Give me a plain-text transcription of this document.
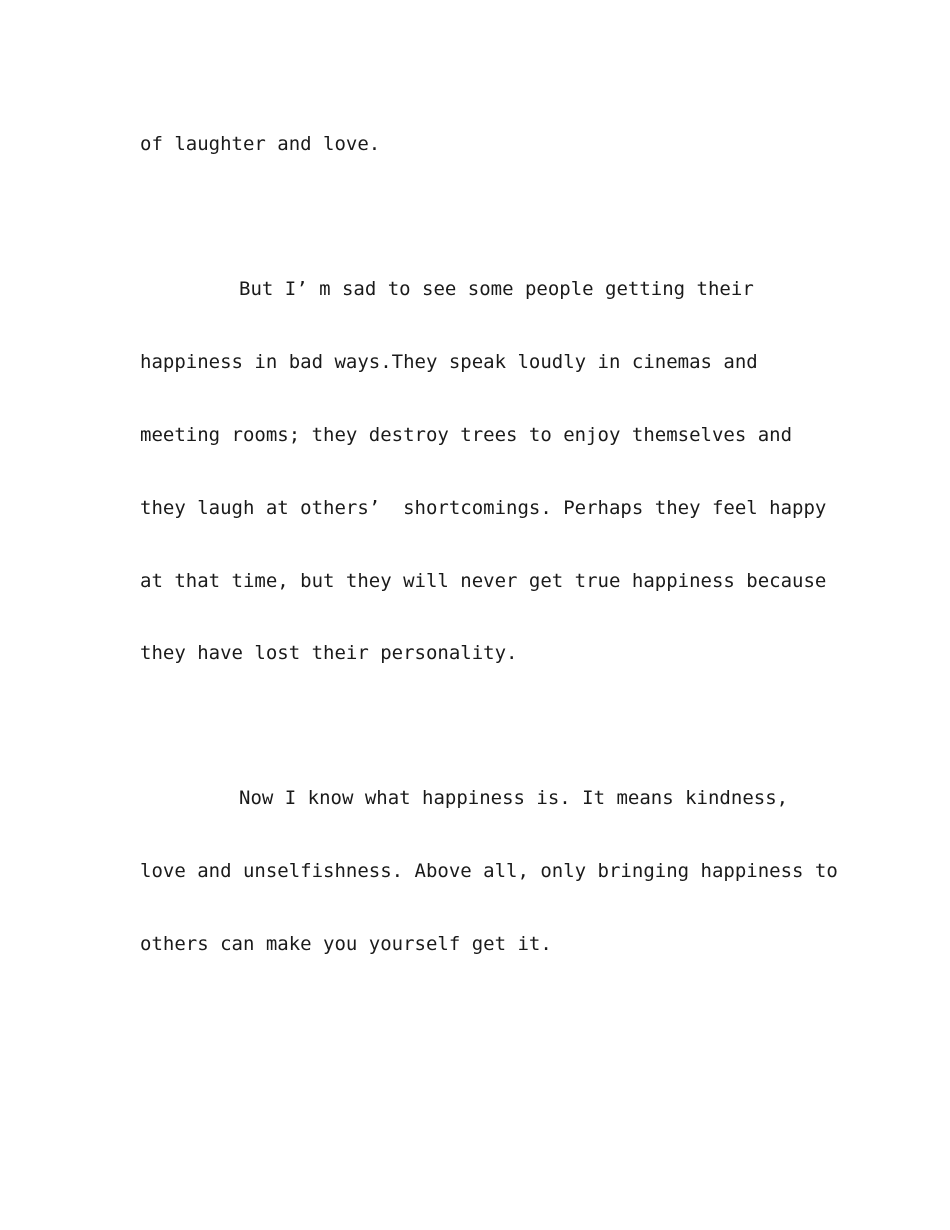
of laughter and love.

But I’ m sad to see some people getting their

happiness in bad ways.They speak loudly in cinemas and

meeting rooms; they destroy trees to enjoy themselves and

they laugh at others’  shortcomings. Perhaps they feel happy

at that time, but they will never get true happiness because

they have lost their personality.

Now I know what happiness is. It means kindness,

love and unselfishness. Above all, only bringing happiness to

others can make you yourself get it.
